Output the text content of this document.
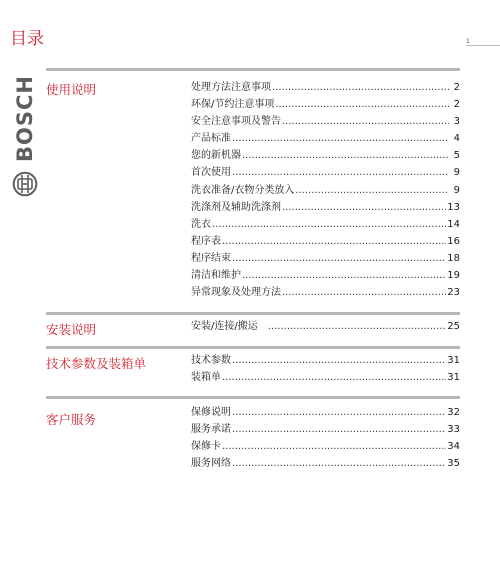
目录	1
BOSCH 使用说明	处理方法注意事项 .....	2
环保/节约注意事项 .....	2
安全注意事项及警告 .....	3
产品标准 .....	4
您的新机器 .....	5
首次使用 .....	9
洗衣准备/衣物分类放入 .....	9
洗涤剂及辅助洗涤剂 .....	13
洗衣 .....	14
程序表 .....	16
程序结束 .....	18
清洁和维护 .....	19
异常现象及处理方法 .....	23
安装说明	安装/连接/搬运 .....	25
技术参数及装箱单	技术参数 .....	31
装箱单 .....	31
客户服务	保修说明 .....	32
服务承诺 .....	33
保修卡 .....	34
服务网络 .....	35
